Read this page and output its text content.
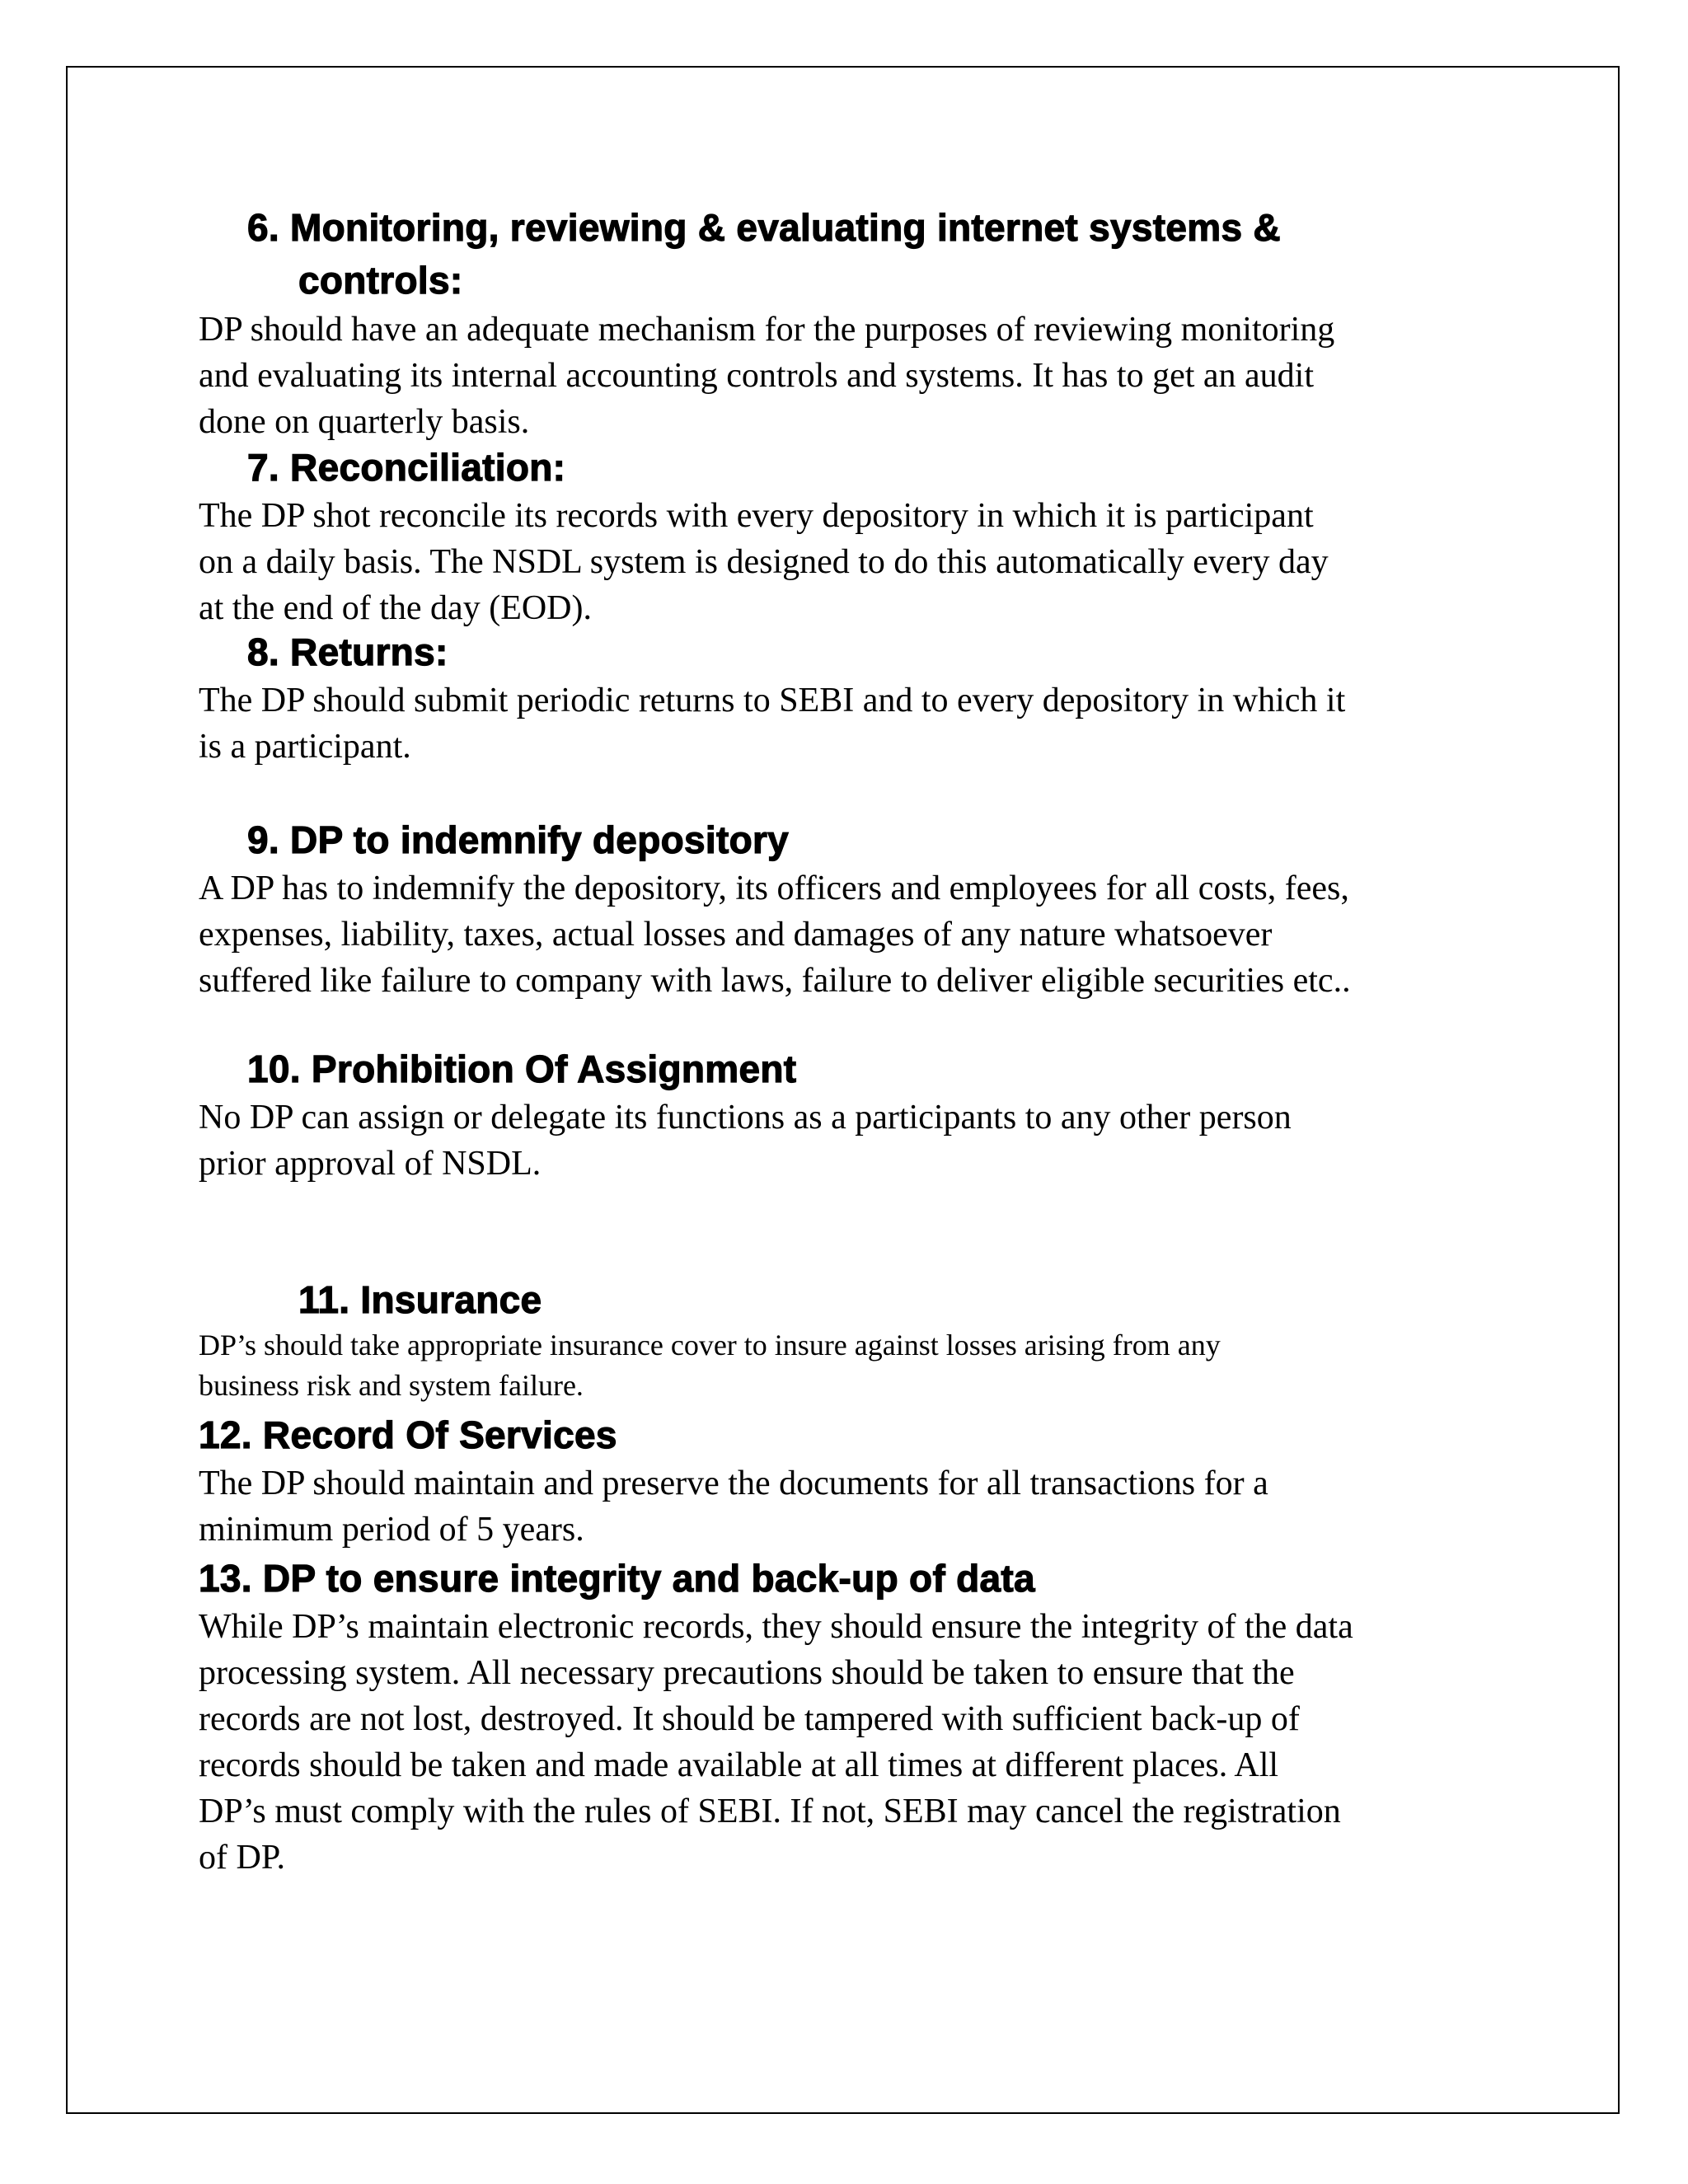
6. Monitoring, reviewing & evaluating internet systems &
controls:
DP should have an adequate mechanism for the purposes of reviewing monitoring
and evaluating its internal accounting controls and systems. It has to get an audit
done on quarterly basis.
7. Reconciliation:
The DP shot reconcile its records with every depository in which it is participant
on a daily basis. The NSDL system is designed to do this automatically every day
at the end of the day (EOD).
8. Returns:
The DP should submit periodic returns to SEBI and to every depository in which it
is a participant.
9. DP to indemnify depository
A DP has to indemnify the depository, its officers and employees for all costs, fees,
expenses, liability, taxes, actual losses and damages of any nature whatsoever
suffered like failure to company with laws, failure to deliver eligible securities etc..
10. Prohibition Of Assignment
No DP can assign or delegate its functions as a participants to any other person
prior approval of NSDL.
11. Insurance
DP’s should take appropriate insurance cover to insure against losses arising from any
business risk and system failure.
12. Record Of Services
The DP should maintain and preserve the documents for all transactions for a
minimum period of 5 years.
13. DP to ensure integrity and back-up of data
While DP’s maintain electronic records, they should ensure the integrity of the data
processing system. All necessary precautions should be taken to ensure that the
records are not lost, destroyed. It should be tampered with sufficient back-up of
records should be taken and made available at all times at different places. All
DP’s must comply with the rules of SEBI. If not, SEBI may cancel the registration
of DP.
